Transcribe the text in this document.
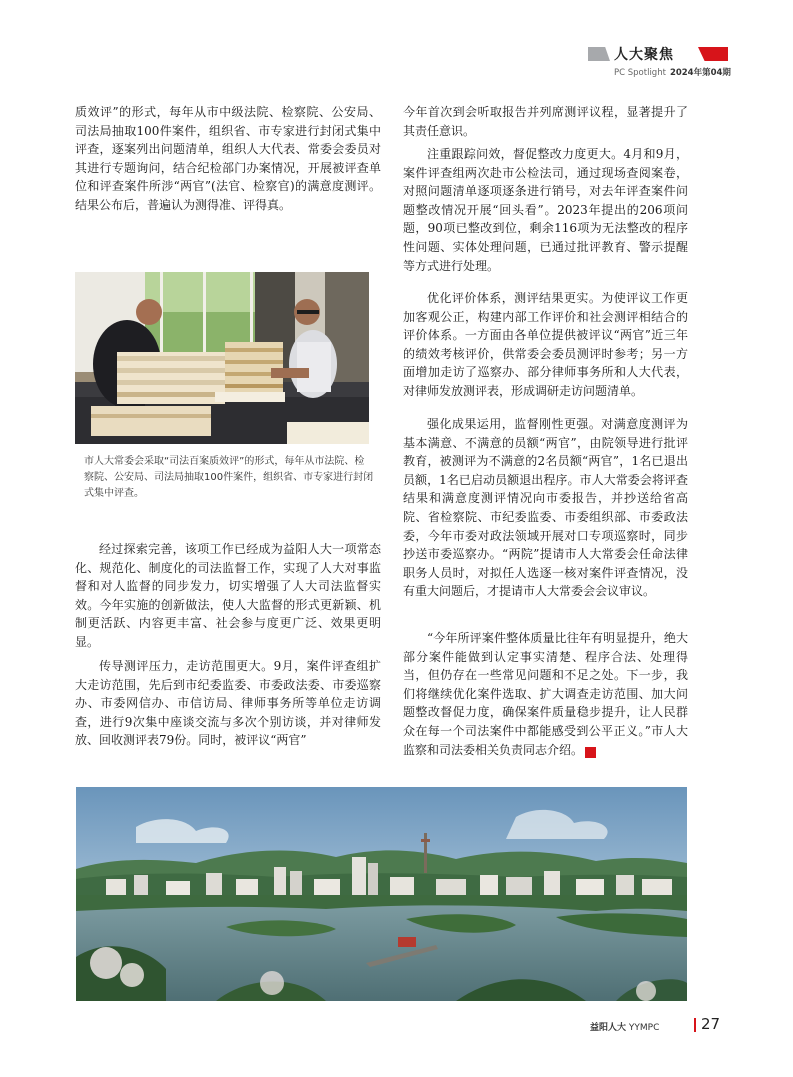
人大聚焦
PC Spotlight 2024年第04期

质效评”的形式，每年从市中级法院、检察院、公安局、司法局抽取100件案件，组织省、市专家进行封闭式集中评查，逐案列出问题清单，组织人大代表、常委会委员对其进行专题询问，结合纪检部门办案情况，开展被评查单位和评查案件所涉“两官”(法官、检察官)的满意度测评。结果公布后，普遍认为测得准、评得真。

市人大常委会采取“司法百案质效评”的形式，每年从市法院、检察院、公安局、司法局抽取100件案件，组织省、市专家进行封闭式集中评查。

经过探索完善，该项工作已经成为益阳人大一项常态化、规范化、制度化的司法监督工作，实现了人大对事监督和对人监督的同步发力，切实增强了人大司法监督实效。今年实施的创新做法，使人大监督的形式更新颖、机制更活跃、内容更丰富、社会参与度更广泛、效果更明显。

传导测评压力，走访范围更大。9月，案件评查组扩大走访范围，先后到市纪委监委、市委政法委、市委巡察办、市委网信办、市信访局、律师事务所等单位走访调查，进行9次集中座谈交流与多次个别访谈，并对律师发放、回收测评表79份。同时，被评议“两官”

今年首次到会听取报告并列席测评议程，显著提升了其责任意识。

注重跟踪问效，督促整改力度更大。4月和9月，案件评查组两次赴市公检法司，通过现场查阅案卷，对照问题清单逐项逐条进行销号，对去年评查案件问题整改情况开展“回头看”。2023年提出的206项问题，90项已整改到位，剩余116项为无法整改的程序性问题、实体处理问题，已通过批评教育、警示提醒等方式进行处理。

优化评价体系，测评结果更实。为使评议工作更加客观公正，构建内部工作评价和社会测评相结合的评价体系。一方面由各单位提供被评议“两官”近三年的绩效考核评价，供常委会委员测评时参考；另一方面增加走访了巡察办、部分律师事务所和人大代表，对律师发放测评表，形成调研走访问题清单。

强化成果运用，监督刚性更强。对满意度测评为基本满意、不满意的员额“两官”，由院领导进行批评教育，被测评为不满意的2名员额“两官”，1名已退出员额，1名已启动员额退出程序。市人大常委会将评查结果和满意度测评情况向市委报告，并抄送给省高院、省检察院、市纪委监委、市委组织部、市委政法委，今年市委对政法领域开展对口专项巡察时，同步抄送市委巡察办。“两院”提请市人大常委会任命法律职务人员时，对拟任人选逐一核对案件评查情况，没有重大问题后，才提请市人大常委会会议审议。

“今年所评案件整体质量比往年有明显提升，绝大部分案件能做到认定事实清楚、程序合法、处理得当，但仍存在一些常见问题和不足之处。下一步，我们将继续优化案件选取、扩大调查走访范围、加大问题整改督促力度，确保案件质量稳步提升，让人民群众在每一个司法案件中都能感受到公平正义。”市人大监察和司法委相关负责同志介绍。	人

益阳人大 YYMPC	27
